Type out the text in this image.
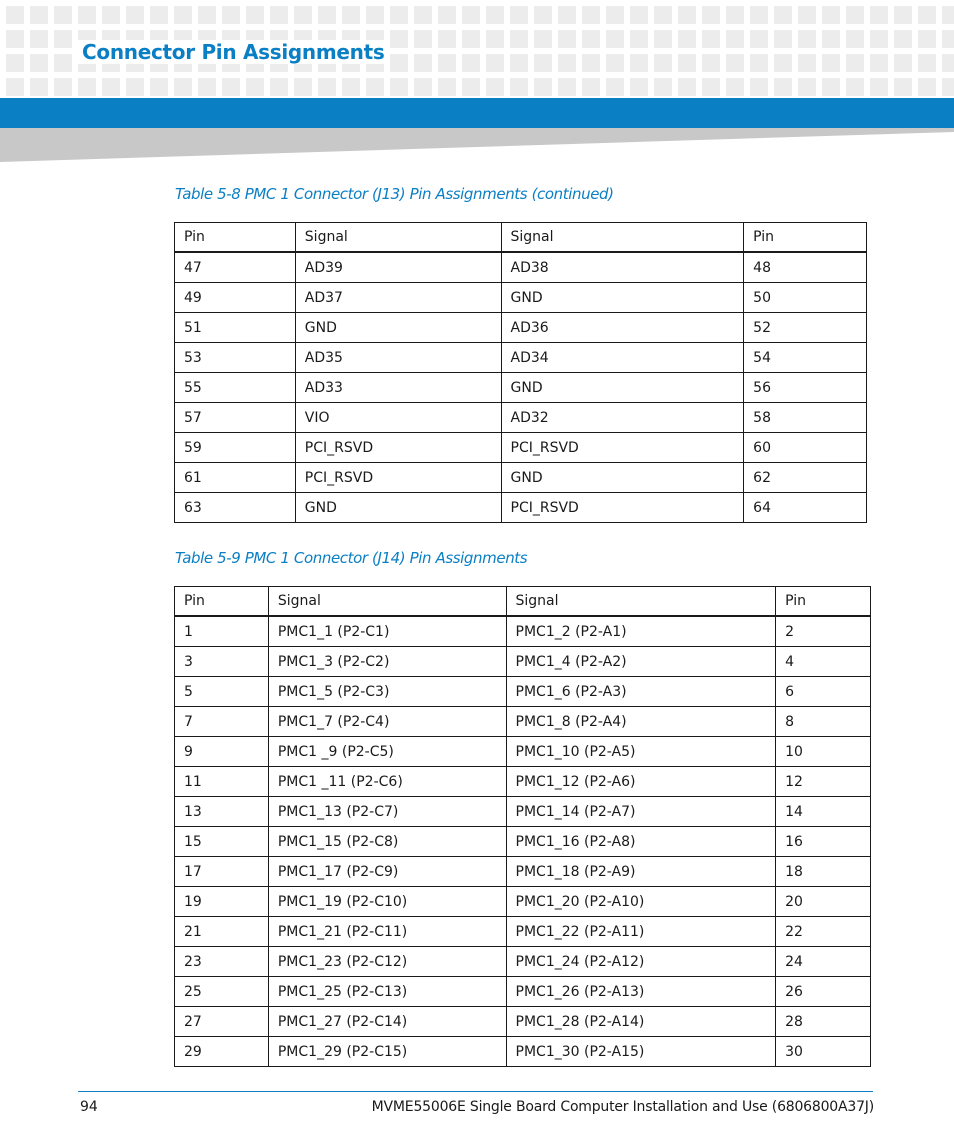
Connector Pin Assignments
Table 5-8 PMC 1 Connector (J13) Pin Assignments (continued)
Pin	Signal	Signal	Pin
47	AD39	AD38	48
49	AD37	GND	50
51	GND	AD36	52
53	AD35	AD34	54
55	AD33	GND	56
57	VIO	AD32	58
59	PCI_RSVD	PCI_RSVD	60
61	PCI_RSVD	GND	62
63	GND	PCI_RSVD	64
Table 5-9 PMC 1 Connector (J14) Pin Assignments
Pin	Signal	Signal	Pin
1	PMC1_1 (P2-C1)	PMC1_2 (P2-A1)	2
3	PMC1_3 (P2-C2)	PMC1_4 (P2-A2)	4
5	PMC1_5 (P2-C3)	PMC1_6 (P2-A3)	6
7	PMC1_7 (P2-C4)	PMC1_8 (P2-A4)	8
9	PMC1 _9 (P2-C5)	PMC1_10 (P2-A5)	10
11	PMC1 _11 (P2-C6)	PMC1_12 (P2-A6)	12
13	PMC1_13 (P2-C7)	PMC1_14 (P2-A7)	14
15	PMC1_15 (P2-C8)	PMC1_16 (P2-A8)	16
17	PMC1_17 (P2-C9)	PMC1_18 (P2-A9)	18
19	PMC1_19 (P2-C10)	PMC1_20 (P2-A10)	20
21	PMC1_21 (P2-C11)	PMC1_22 (P2-A11)	22
23	PMC1_23 (P2-C12)	PMC1_24 (P2-A12)	24
25	PMC1_25 (P2-C13)	PMC1_26 (P2-A13)	26
27	PMC1_27 (P2-C14)	PMC1_28 (P2-A14)	28
29	PMC1_29 (P2-C15)	PMC1_30 (P2-A15)	30
94	MVME55006E Single Board Computer Installation and Use (6806800A37J)
